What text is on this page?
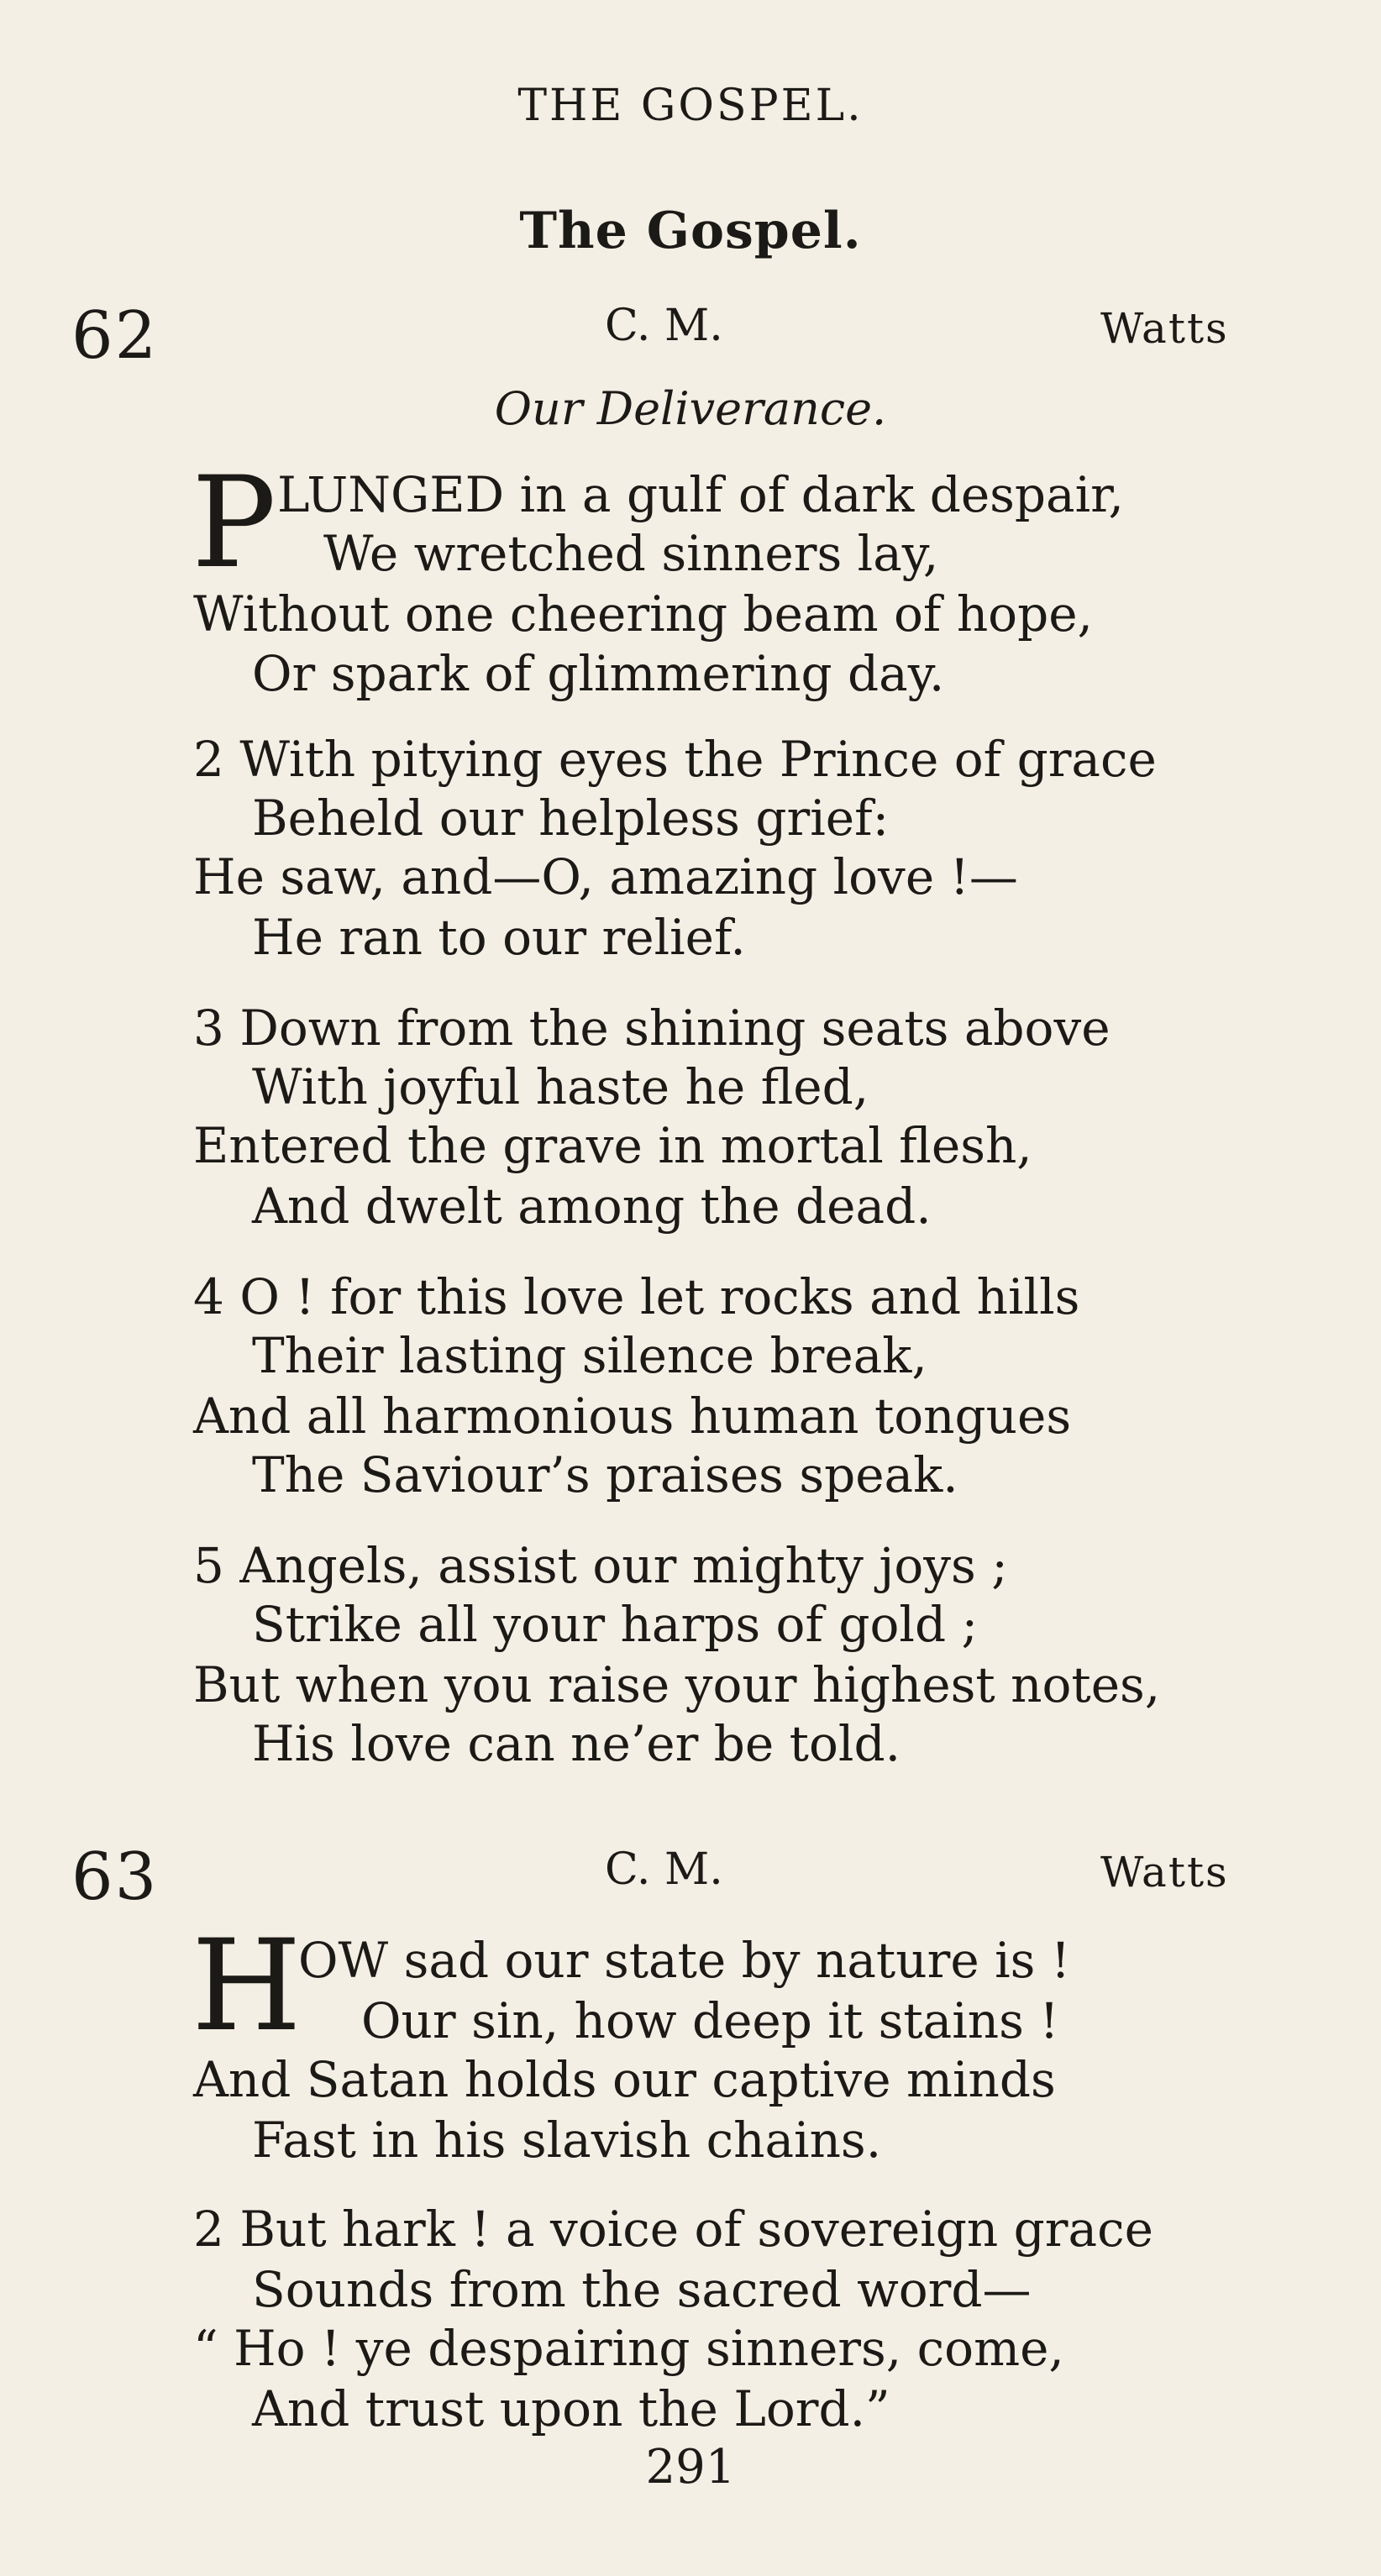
THE GOSPEL.
The Gospel.
62	C. M.	Watts
Our Deliverance.
P LUNGED in a gulf of dark despair,
We wretched sinners lay,
Without one cheering beam of hope,
Or spark of glimmering day.
2 With pitying eyes the Prince of grace
Beheld our helpless grief:
He saw, and—O, amazing love !—
He ran to our relief.
3 Down from the shining seats above
With joyful haste he fled,
Entered the grave in mortal flesh,
And dwelt among the dead.
4 O ! for this love let rocks and hills
Their lasting silence break,
And all harmonious human tongues
The Saviour’s praises speak.
5 Angels, assist our mighty joys ;
Strike all your harps of gold ;
But when you raise your highest notes,
His love can ne’er be told.
63	C. M.	Watts
H
OW sad our state by nature is !
Our sin, how deep it stains !
And Satan holds our captive minds
Fast in his slavish chains.
2 But hark ! a voice of sovereign grace
Sounds from the sacred word—
“ Ho ! ye despairing sinners, come,
And trust upon the Lord.”
291
